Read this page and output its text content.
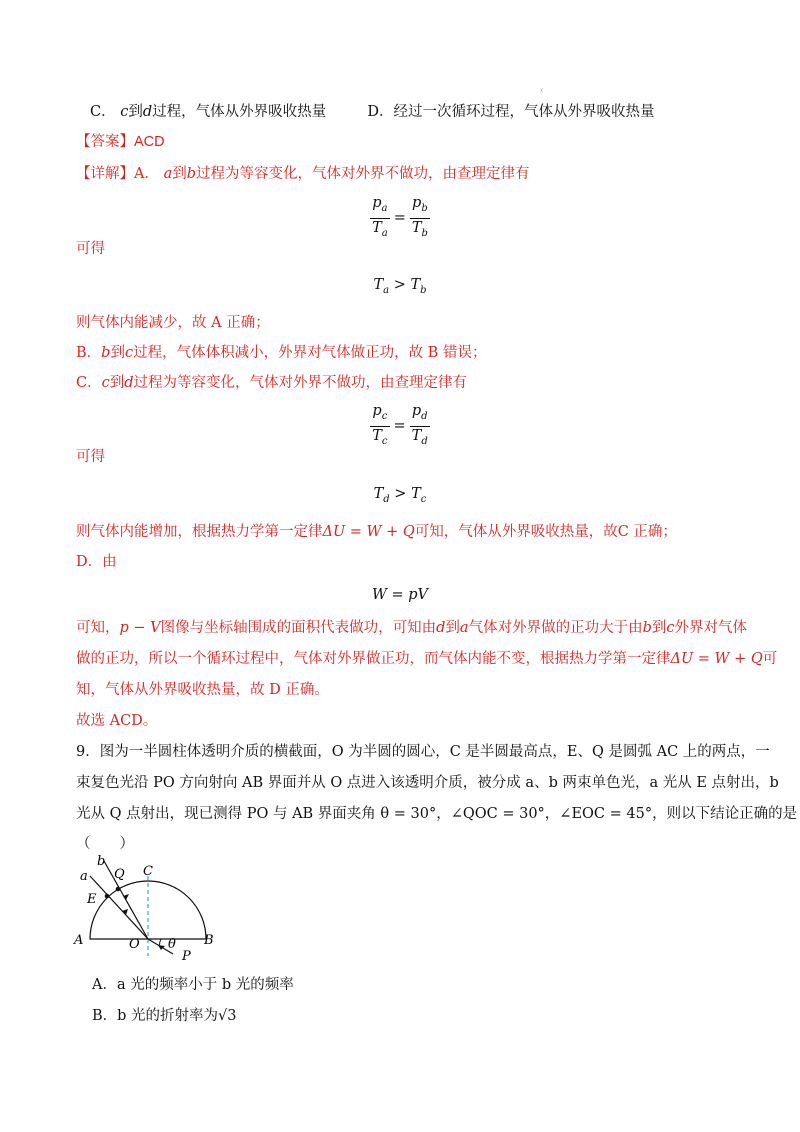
‹
C． c到d过程，气体从外界吸收热量	D．经过一次循环过程，气体从外界吸收热量
【答案】ACD
【详解】A． a到b过程为等容变化，气体对外界不做功，由查理定律有
$\frac{p_a}{T_a} = \frac{p_b}{T_b}$
可得
$T_a > T_b$
则气体内能减少，故 A 正确；
B．b到c过程，气体体积减小，外界对气体做正功，故 B 错误；
C．c到d过程为等容变化，气体对外界不做功，由查理定律有
$\frac{p_c}{T_c} = \frac{p_d}{T_d}$
可得
$T_d > T_c$
则气体内能增加，根据热力学第一定律ΔU = W + Q可知，气体从外界吸收热量，故C 正确；
D．由
W = pV
可知，p − V图像与坐标轴围成的面积代表做功，可知由d到a气体对外界做的正功大于由b到c外界对气体
做的正功，所以一个循环过程中，气体对外界做正功，而气体内能不变，根据热力学第一定律ΔU = W + Q可
知，气体从外界吸收热量，故 D 正确。
故选 ACD。
9．图为一半圆柱体透明介质的横截面，O 为半圆的圆心，C 是半圆最高点，E、Q 是圆弧 AC 上的两点，一
束复色光沿 PO 方向射向 AB 界面并从 O 点进入该透明介质，被分成 a、b 两束单色光，a 光从 E 点射出，b
光从 Q 点射出，现已测得 PO 与 AB 界面夹角 θ = 30°，∠QOC = 30°，∠EOC = 45°，则以下结论正确的是
（　　）
a
b
Q C
E
A	O θ B
P
A．a 光的频率小于 b 光的频率
B．b 光的折射率为√3
